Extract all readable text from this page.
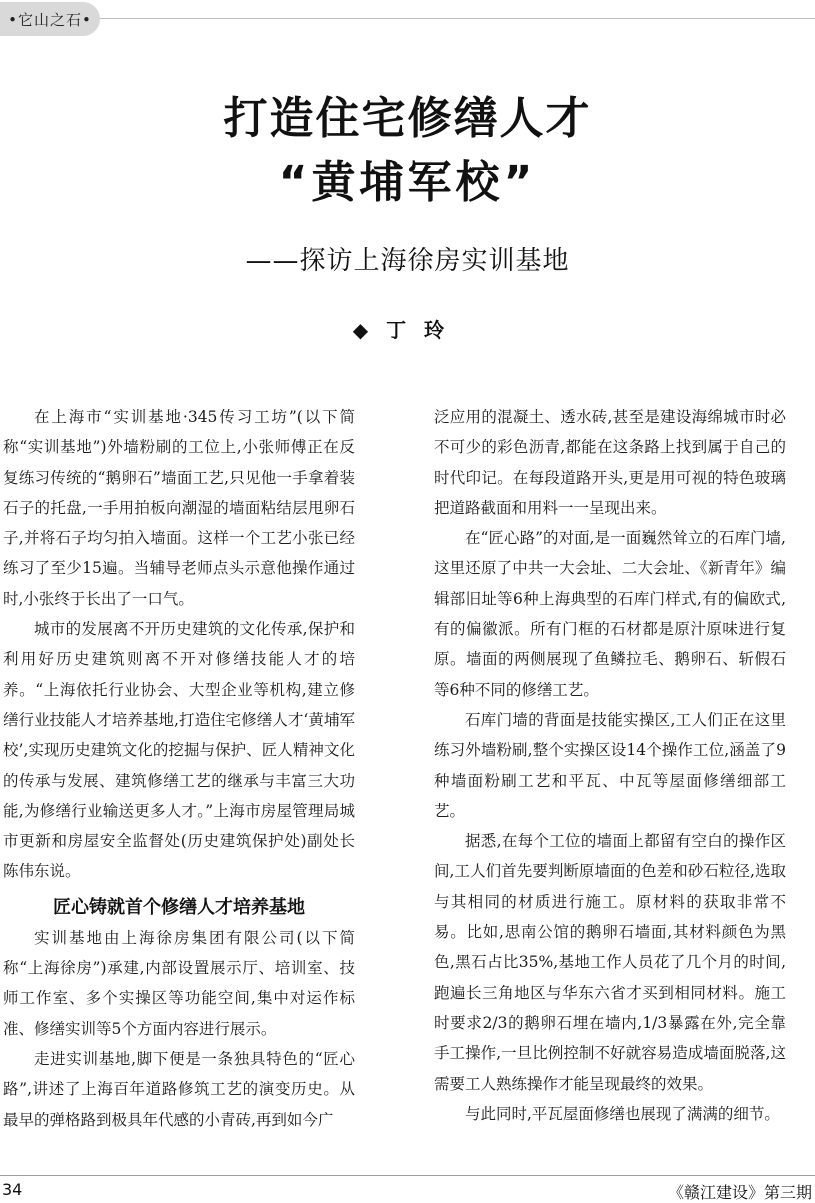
•它山之石•
打造住宅修缮人才
“黄埔军校”
——探访上海徐房实训基地
◆丁玲

在上海市“实训基地·345传习工坊”(以下简称“实训基地”)外墙粉刷的工位上,小张师傅正在反复练习传统的“鹅卵石”墙面工艺,只见他一手拿着装石子的托盘,一手用拍板向潮湿的墙面粘结层甩卵石子,并将石子均匀拍入墙面。这样一个工艺小张已经练习了至少15遍。当辅导老师点头示意他操作通过时,小张终于长出了一口气。

城市的发展离不开历史建筑的文化传承,保护和利用好历史建筑则离不开对修缮技能人才的培养。“上海依托行业协会、大型企业等机构,建立修缮行业技能人才培养基地,打造住宅修缮人才‘黄埔军校’,实现历史建筑文化的挖掘与保护、匠人精神文化的传承与发展、建筑修缮工艺的继承与丰富三大功能,为修缮行业输送更多人才。”上海市房屋管理局城市更新和房屋安全监督处(历史建筑保护处)副处长陈伟东说。

匠心铸就首个修缮人才培养基地

实训基地由上海徐房集团有限公司(以下简称“上海徐房”)承建,内部设置展示厅、培训室、技师工作室、多个实操区等功能空间,集中对运作标准、修缮实训等5个方面内容进行展示。

走进实训基地,脚下便是一条独具特色的“匠心路”,讲述了上海百年道路修筑工艺的演变历史。从最早的弹格路到极具年代感的小青砖,再到如今广

泛应用的混凝土、透水砖,甚至是建设海绵城市时必不可少的彩色沥青,都能在这条路上找到属于自己的时代印记。在每段道路开头,更是用可视的特色玻璃把道路截面和用料一一呈现出来。

在“匠心路”的对面,是一面巍然耸立的石库门墙,这里还原了中共一大会址、二大会址、《新青年》编辑部旧址等6种上海典型的石库门样式,有的偏欧式,有的偏徽派。所有门框的石材都是原汁原味进行复原。墙面的两侧展现了鱼鳞拉毛、鹅卵石、斩假石等6种不同的修缮工艺。

石库门墙的背面是技能实操区,工人们正在这里练习外墙粉刷,整个实操区设14个操作工位,涵盖了9种墙面粉刷工艺和平瓦、中瓦等屋面修缮细部工艺。

据悉,在每个工位的墙面上都留有空白的操作区间,工人们首先要判断原墙面的色差和砂石粒径,选取与其相同的材质进行施工。原材料的获取非常不易。比如,思南公馆的鹅卵石墙面,其材料颜色为黑色,黑石占比35%,基地工作人员花了几个月的时间,跑遍长三角地区与华东六省才买到相同材料。施工时要求2/3的鹅卵石埋在墙内,1/3暴露在外,完全靠手工操作,一旦比例控制不好就容易造成墙面脱落,这需要工人熟练操作才能呈现最终的效果。

与此同时,平瓦屋面修缮也展现了满满的细节。

34	《赣江建设》第三期
